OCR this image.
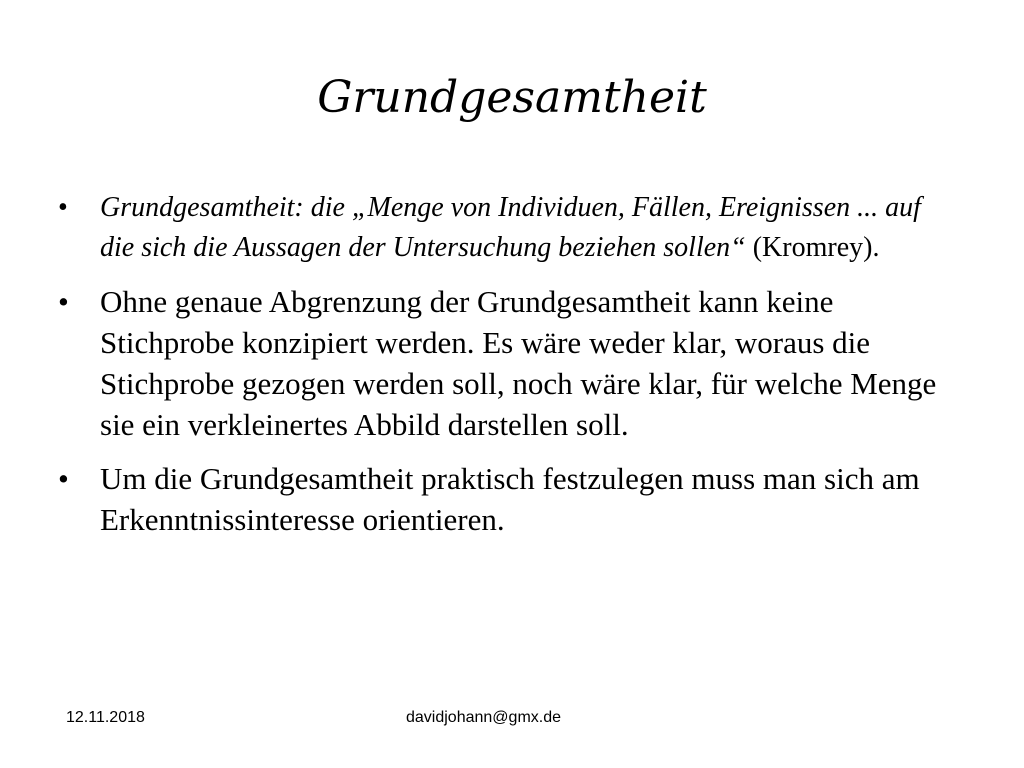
Grundgesamtheit
• Grundgesamtheit: die „Menge von Individuen, Fällen, Ereignissen ... auf die sich die Aussagen der Untersuchung beziehen sollen“ (Kromrey).
• Ohne genaue Abgrenzung der Grundgesamtheit kann keine Stichprobe konzipiert werden. Es wäre weder klar, woraus die Stichprobe gezogen werden soll, noch wäre klar, für welche Menge sie ein verkleinertes Abbild darstellen soll.
• Um die Grundgesamtheit praktisch festzulegen muss man sich am Erkenntnissinteresse orientieren.
12.11.2018	davidjohann@gmx.de
